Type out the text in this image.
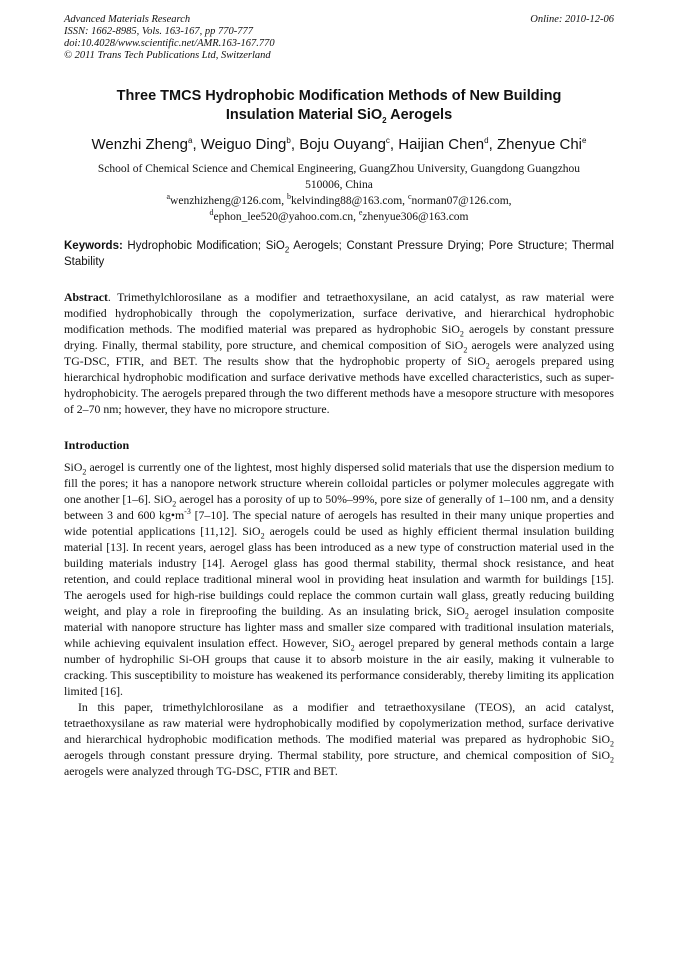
Advanced Materials Research
ISSN: 1662-8985, Vols. 163-167, pp 770-777
doi:10.4028/www.scientific.net/AMR.163-167.770
© 2011 Trans Tech Publications Ltd, Switzerland
Online: 2010-12-06
Three TMCS Hydrophobic Modification Methods of New Building
Insulation Material SiO$_2$ Aerogels
Wenzhi Zheng$^a$, Weiguo Ding$^b$, Boju Ouyang$^c$, Haijian Chen$^d$, Zhenyue Chi$^e$
School of Chemical Science and Chemical Engineering, GuangZhou University, Guangdong Guangzhou
510006, China
$^a$wenzhizheng@126.com, $^b$kelvinding88@163.com, $^c$norman07@126.com,
$^d$ephon_lee520@yahoo.com.cn, $^e$zhenyue306@163.com
Keywords: Hydrophobic Modification; SiO$_2$ Aerogels; Constant Pressure Drying; Pore Structure; Thermal Stability
Abstract. Trimethylchlorosilane as a modifier and tetraethoxysilane, an acid catalyst, as raw material were modified hydrophobically through the copolymerization, surface derivative, and hierarchical hydrophobic modification methods. The modified material was prepared as hydrophobic SiO$_2$ aerogels by constant pressure drying. Finally, thermal stability, pore structure, and chemical composition of SiO$_2$ aerogels were analyzed using TG-DSC, FTIR, and BET. The results show that the hydrophobic property of SiO$_2$ aerogels prepared using hierarchical hydrophobic modification and surface derivative methods have excelled characteristics, such as super-hydrophobicity. The aerogels prepared through the two different methods have a mesopore structure with mesopores of 2–70 nm; however, they have no micropore structure.
Introduction
SiO$_2$ aerogel is currently one of the lightest, most highly dispersed solid materials that use the dispersion medium to fill the pores; it has a nanopore network structure wherein colloidal particles or polymer molecules aggregate with one another [1–6]. SiO$_2$ aerogel has a porosity of up to 50%–99%, pore size of generally of 1–100 nm, and a density between 3 and 600 $kg•m^{-3}$ [7–10]. The special nature of aerogels has resulted in their many unique properties and wide potential applications [11,12]. SiO$_2$ aerogels could be used as highly efficient thermal insulation building material [13]. In recent years, aerogel glass has been introduced as a new type of construction material used in the building materials industry [14]. Aerogel glass has good thermal stability, thermal shock resistance, and heat retention, and could replace traditional mineral wool in providing heat insulation and warmth for buildings [15]. The aerogels used for high-rise buildings could replace the common curtain wall glass, greatly reducing building weight, and play a role in fireproofing the building. As an insulating brick, SiO$_2$ aerogel insulation composite material with nanopore structure has lighter mass and smaller size compared with traditional insulation materials, while achieving equivalent insulation effect. However, SiO$_2$ aerogel prepared by general methods contain a large number of hydrophilic Si-OH groups that cause it to absorb moisture in the air easily, making it vulnerable to cracking. This susceptibility to moisture has weakened its performance considerably, thereby limiting its application limited [16].
In this paper, trimethylchlorosilane as a modifier and tetraethoxysilane (TEOS), an acid catalyst, tetraethoxysilane as raw material were hydrophobically modified by copolymerization method, surface derivative and hierarchical hydrophobic modification methods. The modified material was prepared as hydrophobic SiO$_2$ aerogels through constant pressure drying. Thermal stability, pore structure, and chemical composition of SiO$_2$ aerogels were analyzed through TG-DSC, FTIR and BET.
